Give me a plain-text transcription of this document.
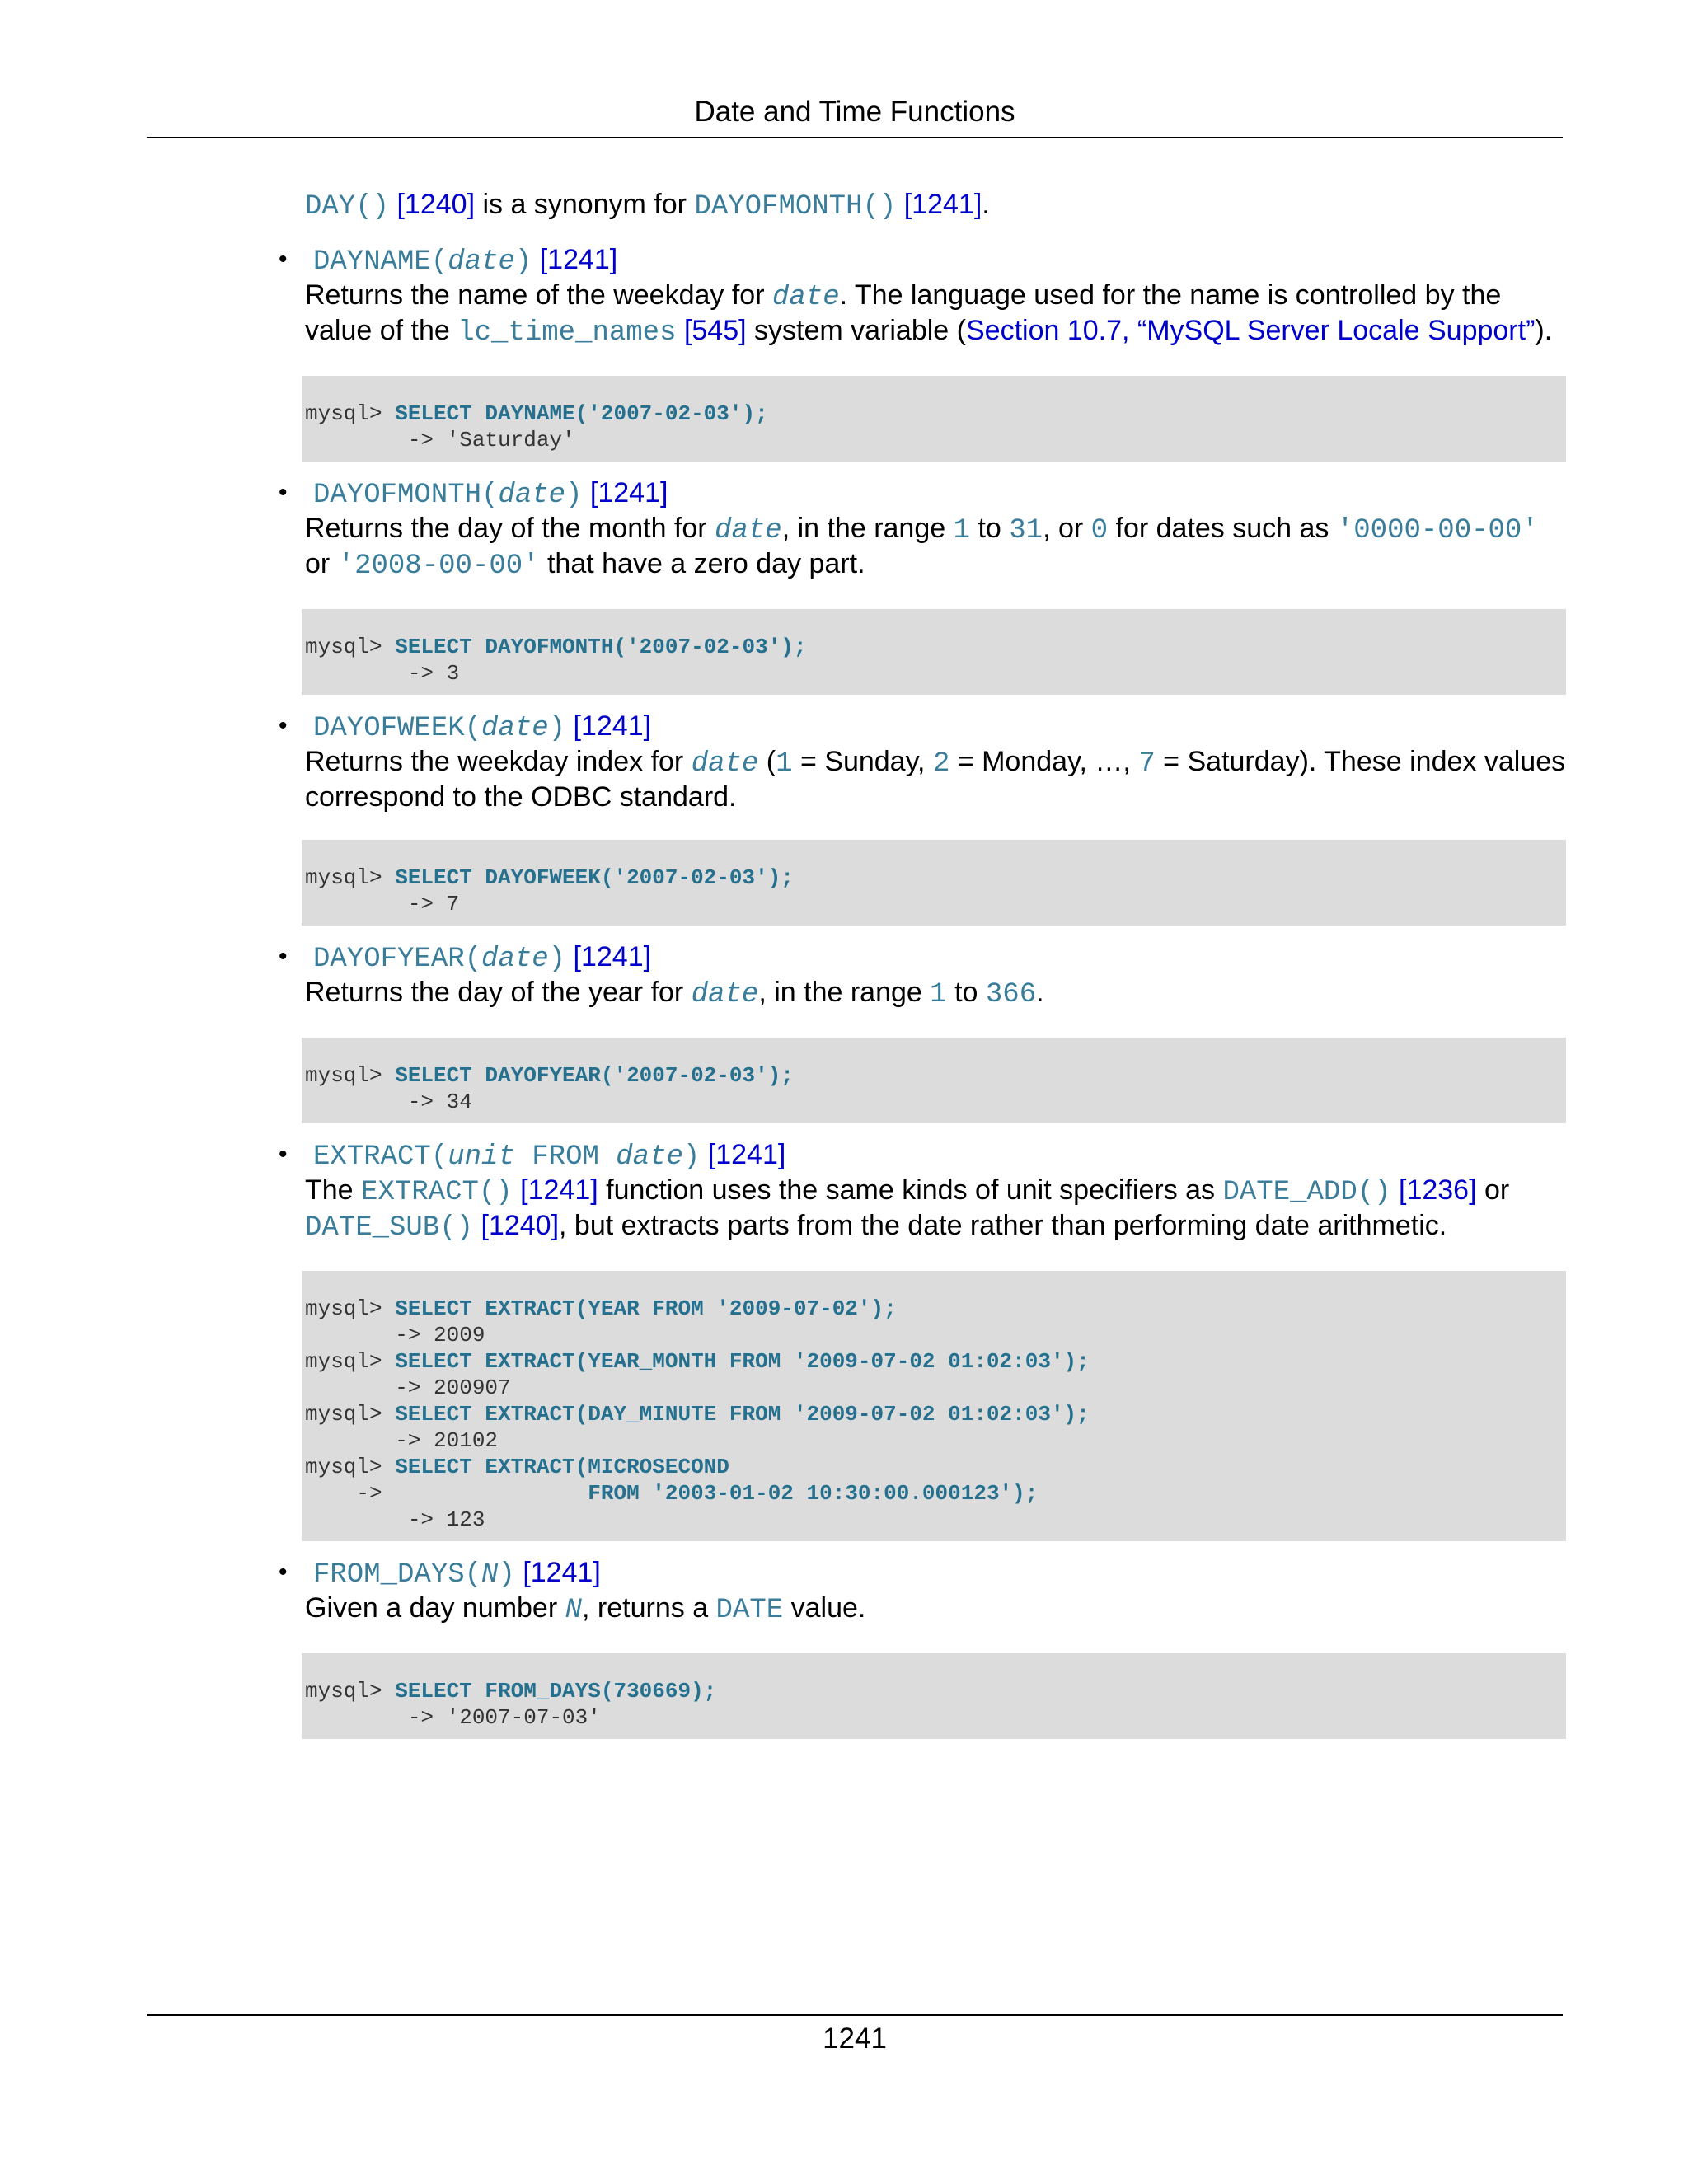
Date and Time Functions

DAY() [1240] is a synonym for DAYOFMONTH() [1241].

• DAYNAME(date) [1241]

Returns the name of the weekday for date. The language used for the name is controlled by the value of the lc_time_names [545] system variable (Section 10.7, “MySQL Server Locale Support”).

mysql> SELECT DAYNAME('2007-02-03');
-> 'Saturday'
• DAYOFMONTH(date) [1241]

Returns the day of the month for date, in the range 1 to 31, or 0 for dates such as '0000-00-00' or '2008-00-00' that have a zero day part.

mysql> SELECT DAYOFMONTH('2007-02-03');
-> 3
• DAYOFWEEK(date) [1241]

Returns the weekday index for date (1 = Sunday, 2 = Monday, …, 7 = Saturday). These index values correspond to the ODBC standard.

mysql> SELECT DAYOFWEEK('2007-02-03');
-> 7
• DAYOFYEAR(date) [1241]

Returns the day of the year for date, in the range 1 to 366.

mysql> SELECT DAYOFYEAR('2007-02-03');
-> 34
• EXTRACT(unit FROM date) [1241]

The EXTRACT() [1241] function uses the same kinds of unit specifiers as DATE_ADD() [1236] or DATE_SUB() [1240], but extracts parts from the date rather than performing date arithmetic.

mysql> SELECT EXTRACT(YEAR FROM '2009-07-02');
-> 2009
mysql> SELECT EXTRACT(YEAR_MONTH FROM '2009-07-02 01:02:03');
-> 200907
mysql> SELECT EXTRACT(DAY_MINUTE FROM '2009-07-02 01:02:03');
-> 20102
mysql> SELECT EXTRACT(MICROSECOND
->                FROM '2003-01-02 10:30:00.000123');
-> 123
• FROM_DAYS(N) [1241]

Given a day number N, returns a DATE value.

mysql> SELECT FROM_DAYS(730669);
-> '2007-07-03'
1241
